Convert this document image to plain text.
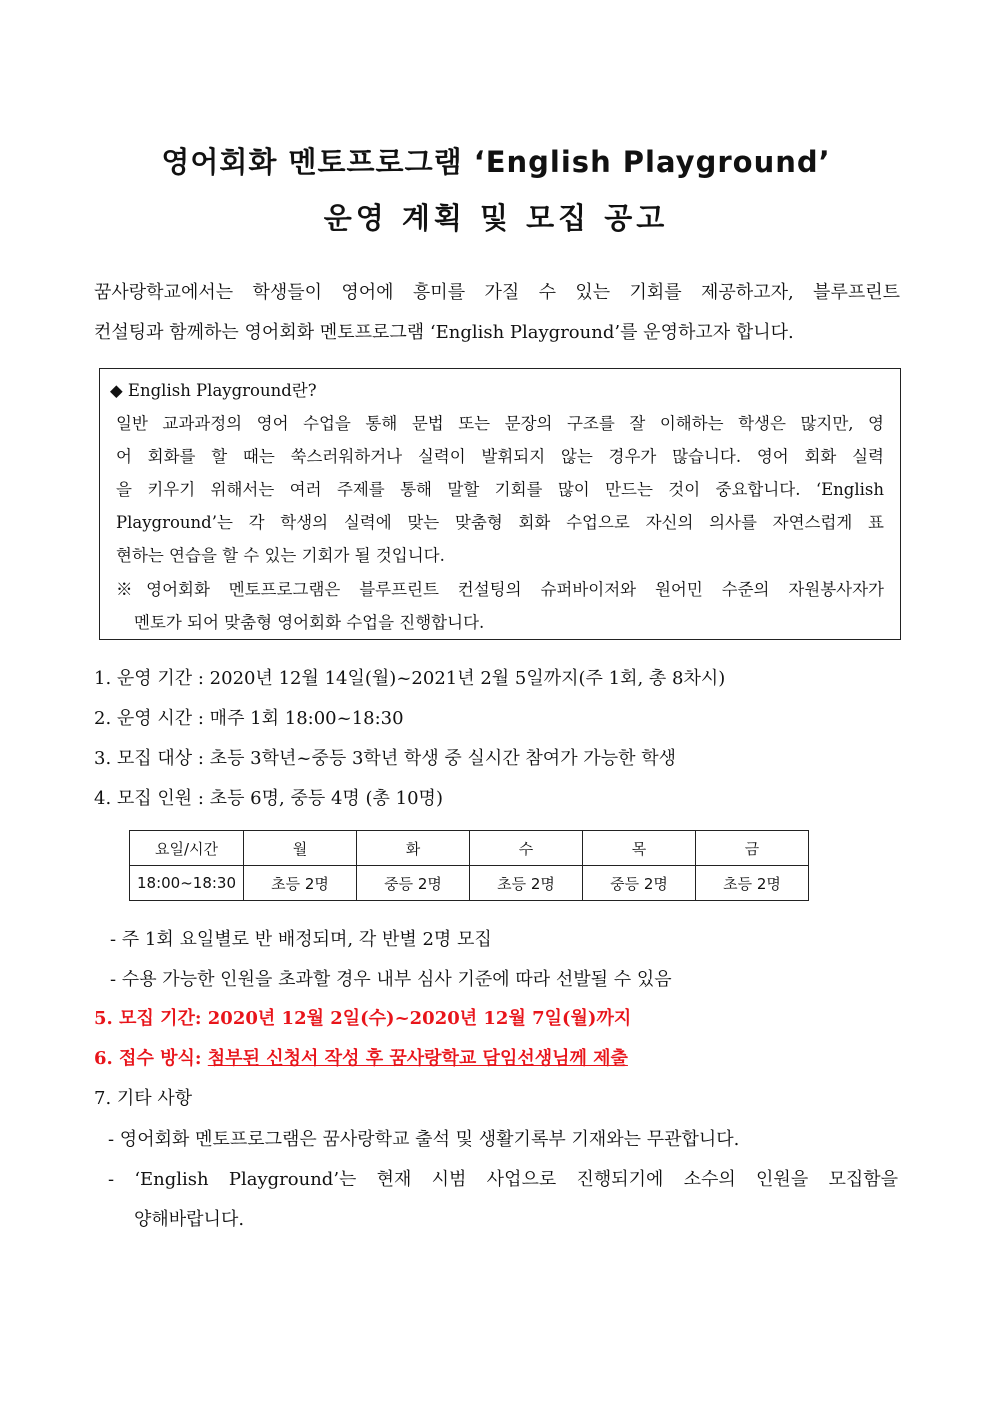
영어회화 멘토프로그램 ‘English Playground’
운영 계획 및 모집 공고
꿈사랑학교에서는 학생들이 영어에 흥미를 가질 수 있는 기회를 제공하고자, 블루프린트
컨설팅과 함께하는 영어회화 멘토프로그램 ‘English Playground’를 운영하고자 합니다.
◆ English Playground란?
일반 교과과정의 영어 수업을 통해 문법 또는 문장의 구조를 잘 이해하는 학생은 많지만, 영
어 회화를 할 때는 쑥스러워하거나 실력이 발휘되지 않는 경우가 많습니다. 영어 회화 실력
을 키우기 위해서는 여러 주제를 통해 말할 기회를 많이 만드는 것이 중요합니다. ‘English
Playground’는 각 학생의 실력에 맞는 맞춤형 회화 수업으로 자신의 의사를 자연스럽게 표
현하는 연습을 할 수 있는 기회가 될 것입니다.
※영어회화 멘토프로그램은 블루프린트 컨설팅의 슈퍼바이저와 원어민 수준의 자원봉사자가
멘토가 되어 맞춤형 영어회화 수업을 진행합니다.
1. 운영 기간 : 2020년 12월 14일(월)~2021년 2월 5일까지(주 1회, 총 8차시)
2. 운영 시간 : 매주 1회 18:00~18:30
3. 모집 대상 : 초등 3학년~중등 3학년 학생 중 실시간 참여가 가능한 학생
4. 모집 인원 : 초등 6명, 중등 4명 (총 10명)
요일/시간	월	화	수	목	금
18:00~18:30	초등 2명	중등 2명	초등 2명	중등 2명	초등 2명
- 주 1회 요일별로 반 배정되며, 각 반별 2명 모집
- 수용 가능한 인원을 초과할 경우 내부 심사 기준에 따라 선발될 수 있음
5. 모집 기간: 2020년 12월 2일(수)~2020년 12월 7일(월)까지
6. 접수 방식: 첨부된 신청서 작성 후 꿈사랑학교 담임선생님께 제출
7. 기타 사항
- 영어회화 멘토프로그램은 꿈사랑학교 출석 및 생활기록부 기재와는 무관합니다.
- ‘English Playground’는 현재 시범 사업으로 진행되기에 소수의 인원을 모집함을
양해바랍니다.
